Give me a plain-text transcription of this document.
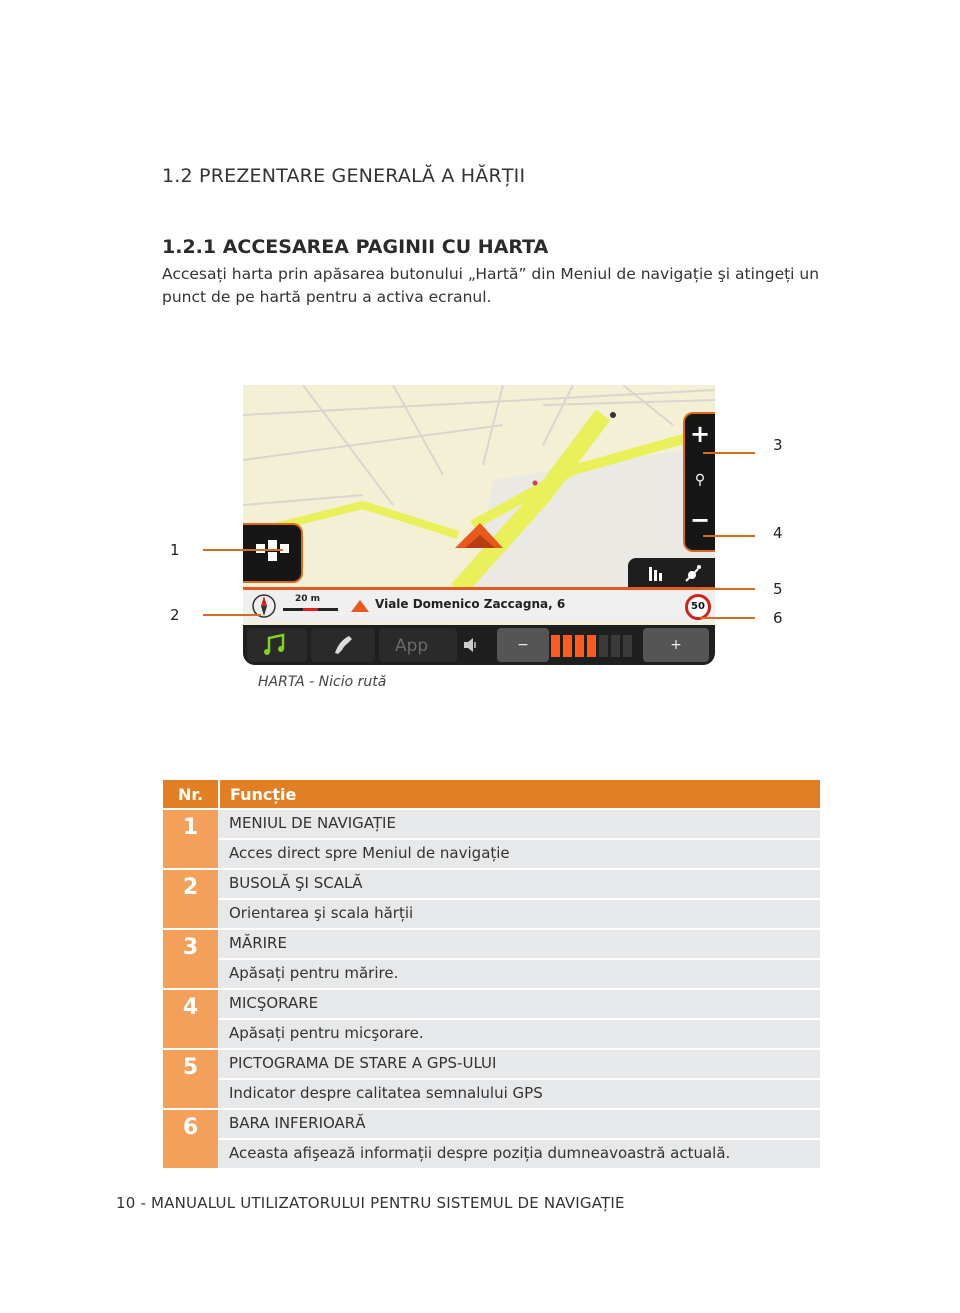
1.2 PREZENTARE GENERALĂ A HĂRȚII
1.2.1 ACCESAREA PAGINII CU HARTA
Accesați harta prin apăsarea butonului „Hartă” din Meniul de navigație şi atingeți un punct de pe hartă pentru a activa ecranul.
+
⚲
−
20 m	Viale Domenico Zaccagna, 6	50
App	−	+
1
2
3
4
5
6
HARTA - Nicio rută
Nr.	Funcție
1	MENIUL DE NAVIGAȚIE
Acces direct spre Meniul de navigație
2	BUSOLĂ ŞI SCALĂ
Orientarea şi scala hărții
3	MĂRIRE
Apăsați pentru mărire.
4	MICŞORARE
Apăsați pentru micşorare.
5	PICTOGRAMA DE STARE A GPS-ULUI
Indicator despre calitatea semnalului GPS
6	BARA INFERIOARĂ
Aceasta afişează informații despre poziția dumneavoastră actuală.
10 - MANUALUL UTILIZATORULUI PENTRU SISTEMUL DE NAVIGAȚIE
